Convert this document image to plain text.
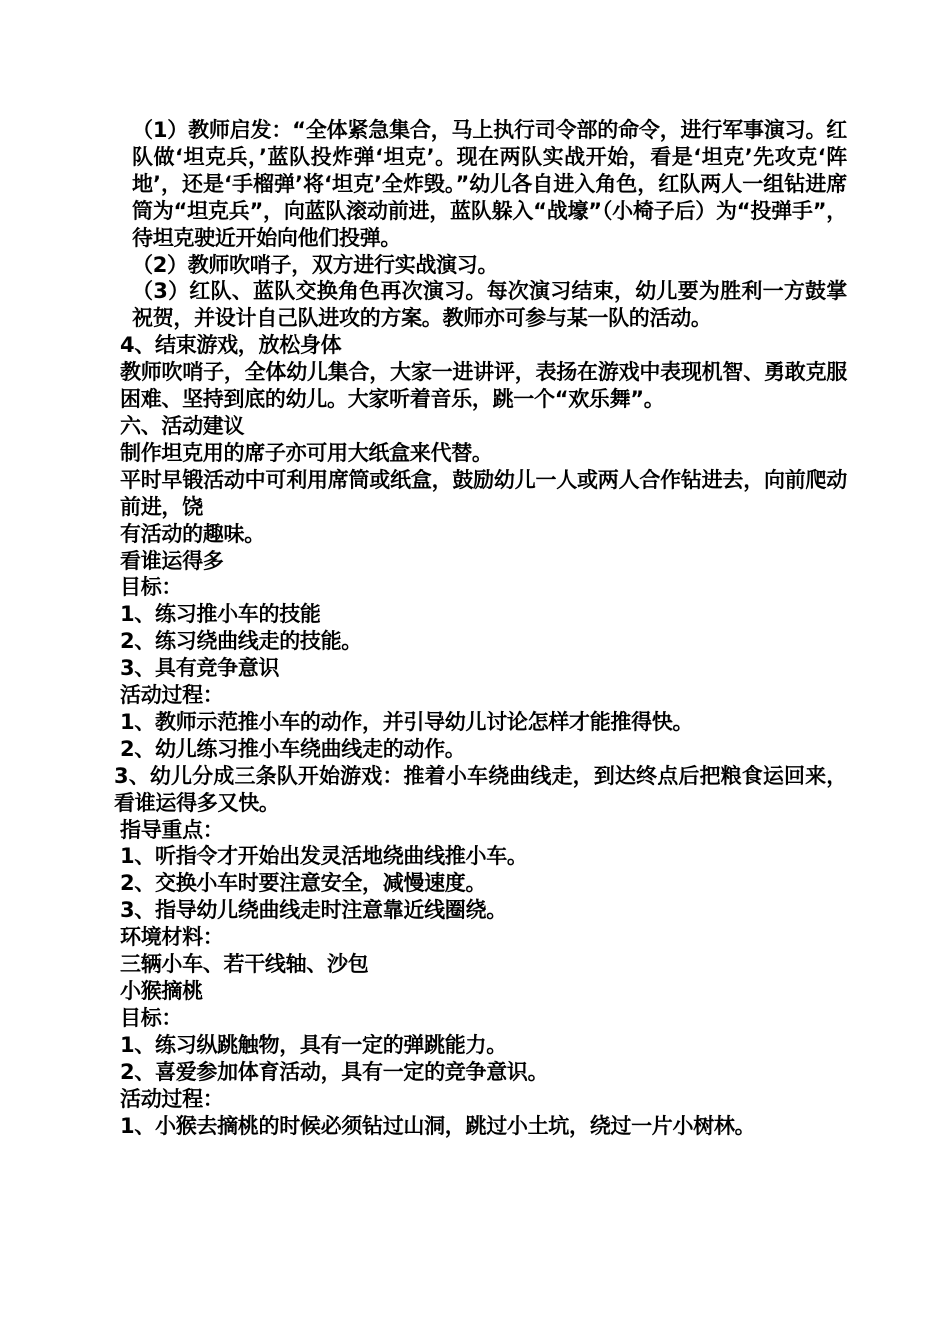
（1）教师启发：“全体紧急集合，马上执行司令部的命令，进行军事演习。红队做‘坦克兵，’蓝队投炸弹‘坦克’。现在两队实战开始，看是‘坦克’先攻克‘阵地’，还是‘手榴弹’将‘坦克’全炸毁。”幼儿各自进入角色，红队两人一组钻进席筒为“坦克兵”，向蓝队滚动前进，蓝队躲入“战壕”（小椅子后）为“投弹手”，待坦克驶近开始向他们投弹。
（2）教师吹哨子，双方进行实战演习。
（3）红队、蓝队交换角色再次演习。每次演习结束，幼儿要为胜利一方鼓掌祝贺，并设计自己队进攻的方案。教师亦可参与某一队的活动。
4、结束游戏，放松身体
教师吹哨子，全体幼儿集合，大家一进讲评，表扬在游戏中表现机智、勇敢克服困难、坚持到底的幼儿。大家听着音乐，跳一个“欢乐舞”。
六、活动建议
制作坦克用的席子亦可用大纸盒来代替。
平时早锻活动中可利用席筒或纸盒，鼓励幼儿一人或两人合作钻进去，向前爬动前进，饶
有活动的趣味。
看谁运得多
目标：
1、练习推小车的技能
2、练习绕曲线走的技能。
3、具有竞争意识
活动过程：
1、教师示范推小车的动作，并引导幼儿讨论怎样才能推得快。
2、幼儿练习推小车绕曲线走的动作。
3、幼儿分成三条队开始游戏：推着小车绕曲线走，到达终点后把粮食运回来，看谁运得多又快。
指导重点：
1、听指令才开始出发灵活地绕曲线推小车。
2、交换小车时要注意安全，减慢速度。
3、指导幼儿绕曲线走时注意靠近线圈绕。
环境材料：
三辆小车、若干线轴、沙包
小猴摘桃
目标：
1、练习纵跳触物，具有一定的弹跳能力。
2、喜爱参加体育活动，具有一定的竞争意识。
活动过程：
1、小猴去摘桃的时候必须钻过山洞，跳过小土坑，绕过一片小树林。
